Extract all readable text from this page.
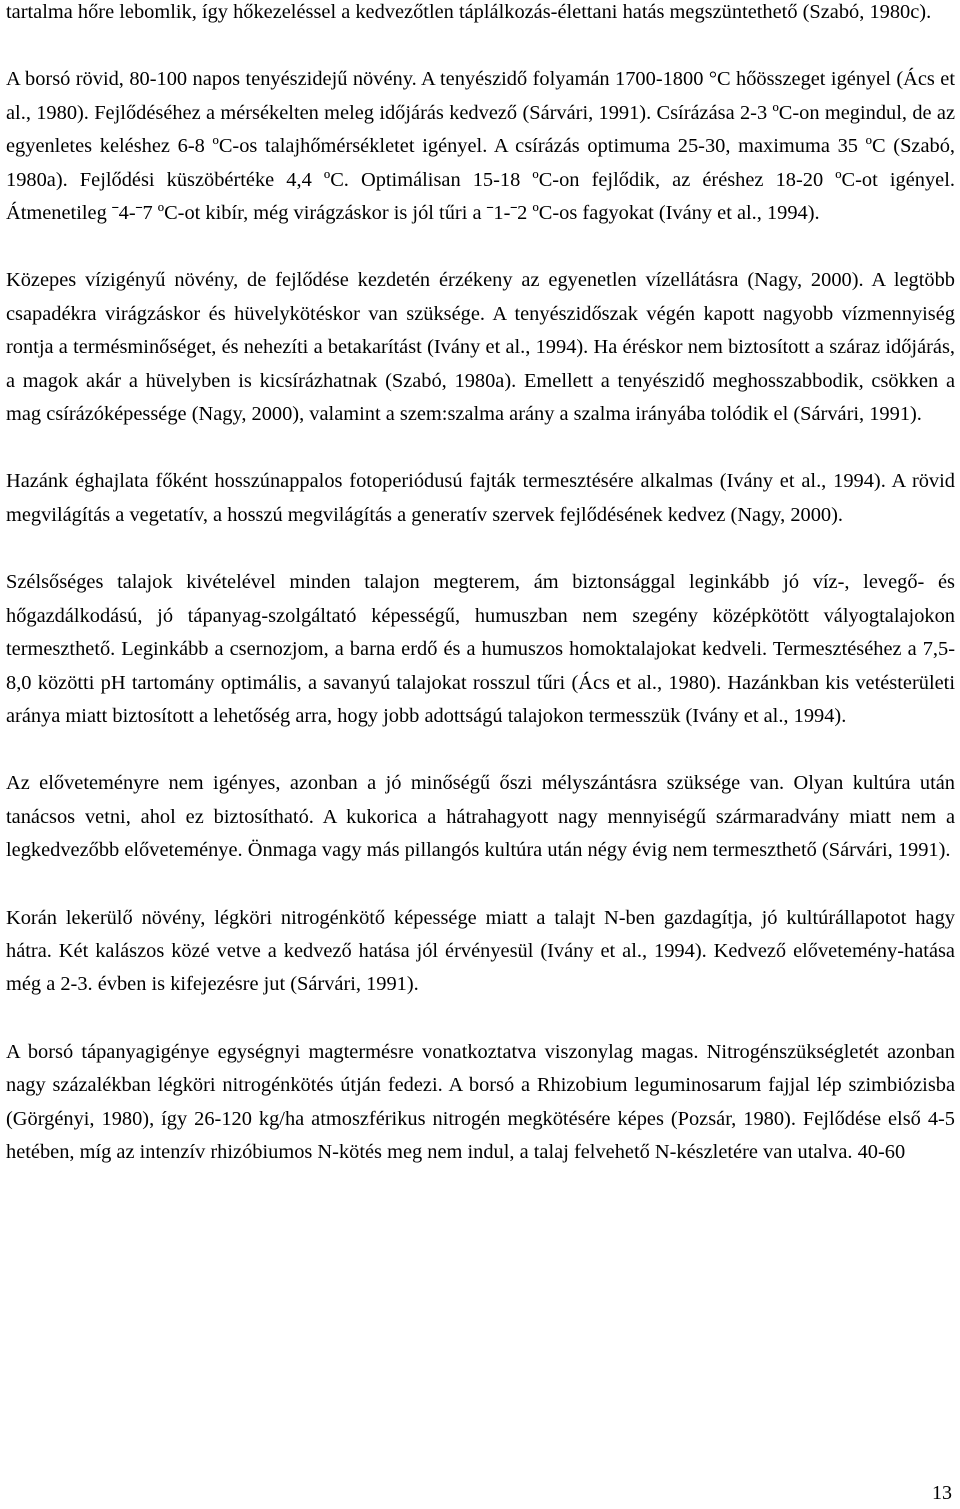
tartalma hőre lebomlik, így hőkezeléssel a kedvezőtlen táplálkozás-élettani hatás megszüntethető (Szabó, 1980c).

A borsó rövid, 80-100 napos tenyészidejű növény. A tenyészidő folyamán 1700-1800 °C hőösszeget igényel (Ács et al., 1980). Fejlődéséhez a mérsékelten meleg időjárás kedvező (Sárvári, 1991). Csírázása 2-3 ºC-on megindul, de az egyenletes keléshez 6-8 ºC-os talajhőmérsékletet igényel. A csírázás optimuma 25-30, maximuma 35 ºC (Szabó, 1980a). Fejlődési küszöbértéke 4,4 ºC. Optimálisan 15-18 ºC-on fejlődik, az éréshez 18-20 ºC-ot igényel. Átmenetileg ˉ4-ˉ7 ºC-ot kibír, még virágzáskor is jól tűri a ˉ1-ˉ2 ºC-os fagyokat (Ivány et al., 1994).

Közepes vízigényű növény, de fejlődése kezdetén érzékeny az egyenetlen vízellátásra (Nagy, 2000). A legtöbb csapadékra virágzáskor és hüvelykötéskor van szüksége. A tenyészidőszak végén kapott nagyobb vízmennyiség rontja a termésminőséget, és nehezíti a betakarítást (Ivány et al., 1994). Ha éréskor nem biztosított a száraz időjárás, a magok akár a hüvelyben is kicsírázhatnak (Szabó, 1980a). Emellett a tenyészidő meghosszabbodik, csökken a mag csírázóképessége (Nagy, 2000), valamint a szem:szalma arány a szalma irányába tolódik el (Sárvári, 1991).

Hazánk éghajlata főként hosszúnappalos fotoperiódusú fajták termesztésére alkalmas (Ivány et al., 1994). A rövid megvilágítás a vegetatív, a hosszú megvilágítás a generatív szervek fejlődésének kedvez (Nagy, 2000).

Szélsőséges talajok kivételével minden talajon megterem, ám biztonsággal leginkább jó víz-, levegő- és hőgazdálkodású, jó tápanyag-szolgáltató képességű, humuszban nem szegény középkötött vályogtalajokon termeszthető. Leginkább a csernozjom, a barna erdő és a humuszos homoktalajokat kedveli. Termesztéséhez a 7,5-8,0 közötti pH tartomány optimális, a savanyú talajokat rosszul tűri (Ács et al., 1980). Hazánkban kis vetésterületi aránya miatt biztosított a lehetőség arra, hogy jobb adottságú talajokon termesszük (Ivány et al., 1994).

Az előveteményre nem igényes, azonban a jó minőségű őszi mélyszántásra szüksége van. Olyan kultúra után tanácsos vetni, ahol ez biztosítható. A kukorica a hátrahagyott nagy mennyiségű szármaradvány miatt nem a legkedvezőbb előveteménye. Önmaga vagy más pillangós kultúra után négy évig nem termeszthető (Sárvári, 1991).

Korán lekerülő növény, légköri nitrogénkötő képessége miatt a talajt N-ben gazdagítja, jó kultúrállapotot hagy hátra. Két kalászos közé vetve a kedvező hatása jól érvényesül (Ivány et al., 1994). Kedvező elővetemény-hatása még a 2-3. évben is kifejezésre jut (Sárvári, 1991).

A borsó tápanyagigénye egységnyi magtermésre vonatkoztatva viszonylag magas. Nitrogénszükségletét azonban nagy százalékban légköri nitrogénkötés útján fedezi. A borsó a Rhizobium leguminosarum fajjal lép szimbiózisba (Görgényi, 1980), így 26-120 kg/ha atmoszférikus nitrogén megkötésére képes (Pozsár, 1980). Fejlődése első 4-5 hetében, míg az intenzív rhizóbiumos N-kötés meg nem indul, a talaj felvehető N-készletére van utalva. 40-60

13
